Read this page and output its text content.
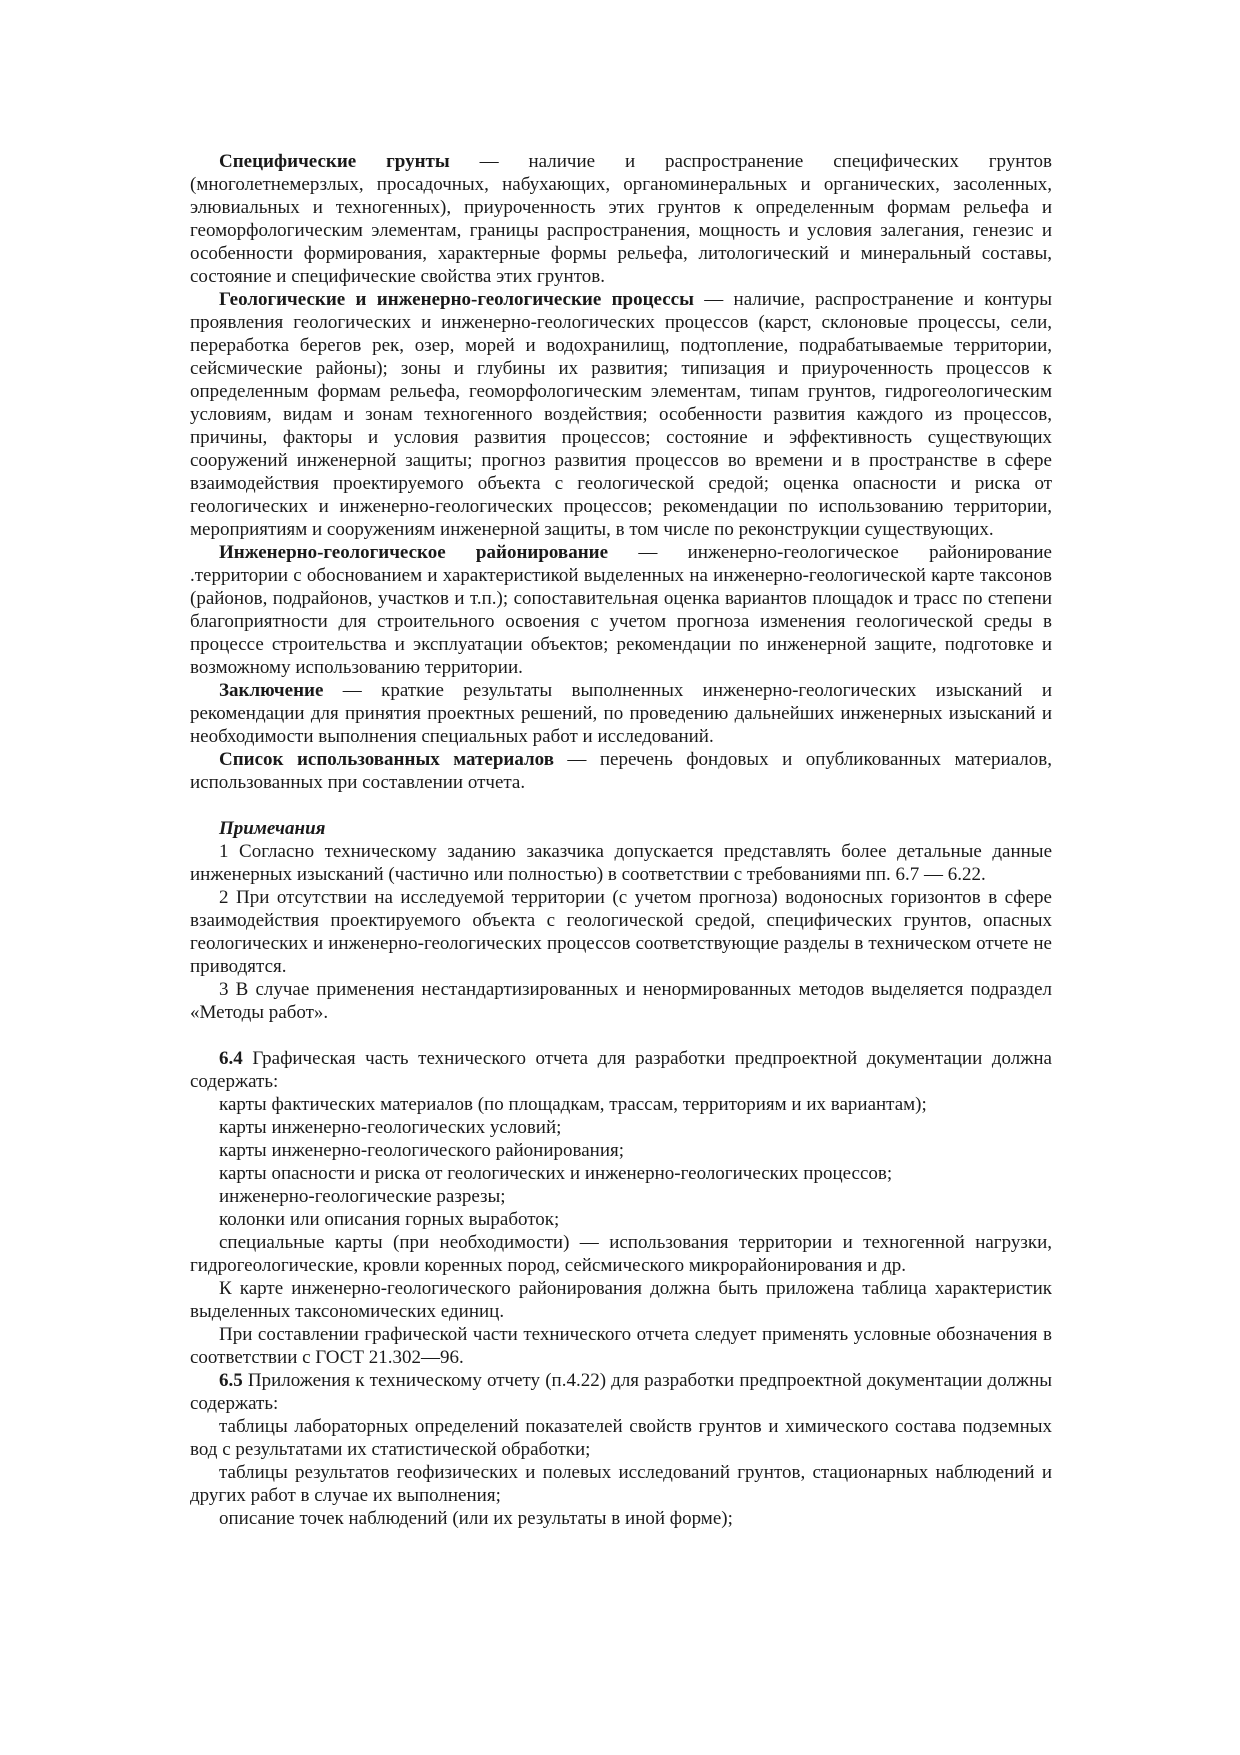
Специфические грунты — наличие и распространение специфических грунтов (многолетнемерзлых, просадочных, набухающих, органоминеральных и органических, засоленных, элювиальных и техногенных), приуроченность этих грунтов к определенным формам рельефа и геоморфологическим элементам, границы распространения, мощность и условия залегания, генезис и особенности формирования, характерные формы рельефа, литологический и минеральный составы, состояние и специфические свойства этих грунтов.

Геологические и инженерно-геологические процессы — наличие, распространение и контуры проявления геологических и инженерно-геологических процессов (карст, склоновые процессы, сели, переработка берегов рек, озер, морей и водохранилищ, подтопление, подрабатываемые территории, сейсмические районы); зоны и глубины их развития; типизация и приуроченность процессов к определенным формам рельефа, геоморфологическим элементам, типам грунтов, гидрогеологическим условиям, видам и зонам техногенного воздействия; особенности развития каждого из процессов, причины, факторы и условия развития процессов; состояние и эффективность существующих сооружений инженерной защиты; прогноз развития процессов во времени и в пространстве в сфере взаимодействия проектируемого объекта с геологической средой; оценка опасности и риска от геологических и инженерно-геологических процессов; рекомендации по использованию территории, мероприятиям и сооружениям инженерной защиты, в том числе по реконструкции существующих.

Инженерно-геологическое районирование — инженерно-геологическое районирование .территории с обоснованием и характеристикой выделенных на инженерно-геологической карте таксонов (районов, подрайонов, участков и т.п.); сопоставительная оценка вариантов площадок и трасс по степени благоприятности для строительного освоения с учетом прогноза изменения геологической среды в процессе строительства и эксплуатации объектов; рекомендации по инженерной защите, подготовке и возможному использованию территории.

Заключение — краткие результаты выполненных инженерно-геологических изысканий и рекомендации для принятия проектных решений, по проведению дальнейших инженерных изысканий и необходимости выполнения специальных работ и исследований.

Список использованных материалов — перечень фондовых и опубликованных материалов, использованных при составлении отчета.

Примечания

1 Согласно техническому заданию заказчика допускается представлять более детальные данные инженерных изысканий (частично или полностью) в соответствии с требованиями пп. 6.7 — 6.22.

2 При отсутствии на исследуемой территории (с учетом прогноза) водоносных горизонтов в сфере взаимодействия проектируемого объекта с геологической средой, специфических грунтов, опасных геологических и инженерно-геологических процессов соответствующие разделы в техническом отчете не приводятся.

3 В случае применения нестандартизированных и ненормированных методов выделяется подраздел «Методы работ».

6.4 Графическая часть технического отчета для разработки предпроектной документации должна содержать:

карты фактических материалов (по площадкам, трассам, территориям и их вариантам);

карты инженерно-геологических условий;

карты инженерно-геологического районирования;

карты опасности и риска от геологических и инженерно-геологических процессов;

инженерно-геологические разрезы;

колонки или описания горных выработок;

специальные карты (при необходимости) — использования территории и техногенной нагрузки, гидрогеологические, кровли коренных пород, сейсмического микрорайонирования и др.

К карте инженерно-геологического районирования должна быть приложена таблица характеристик выделенных таксономических единиц.

При составлении графической части технического отчета следует применять условные обозначения в соответствии с ГОСТ 21.302—96.

6.5 Приложения к техническому отчету (п.4.22) для разработки предпроектной документации должны содержать:

таблицы лабораторных определений показателей свойств грунтов и химического состава подземных вод с результатами их статистической обработки;

таблицы результатов геофизических и полевых исследований грунтов, стационарных наблюдений и других работ в случае их выполнения;

описание точек наблюдений (или их результаты в иной форме);
